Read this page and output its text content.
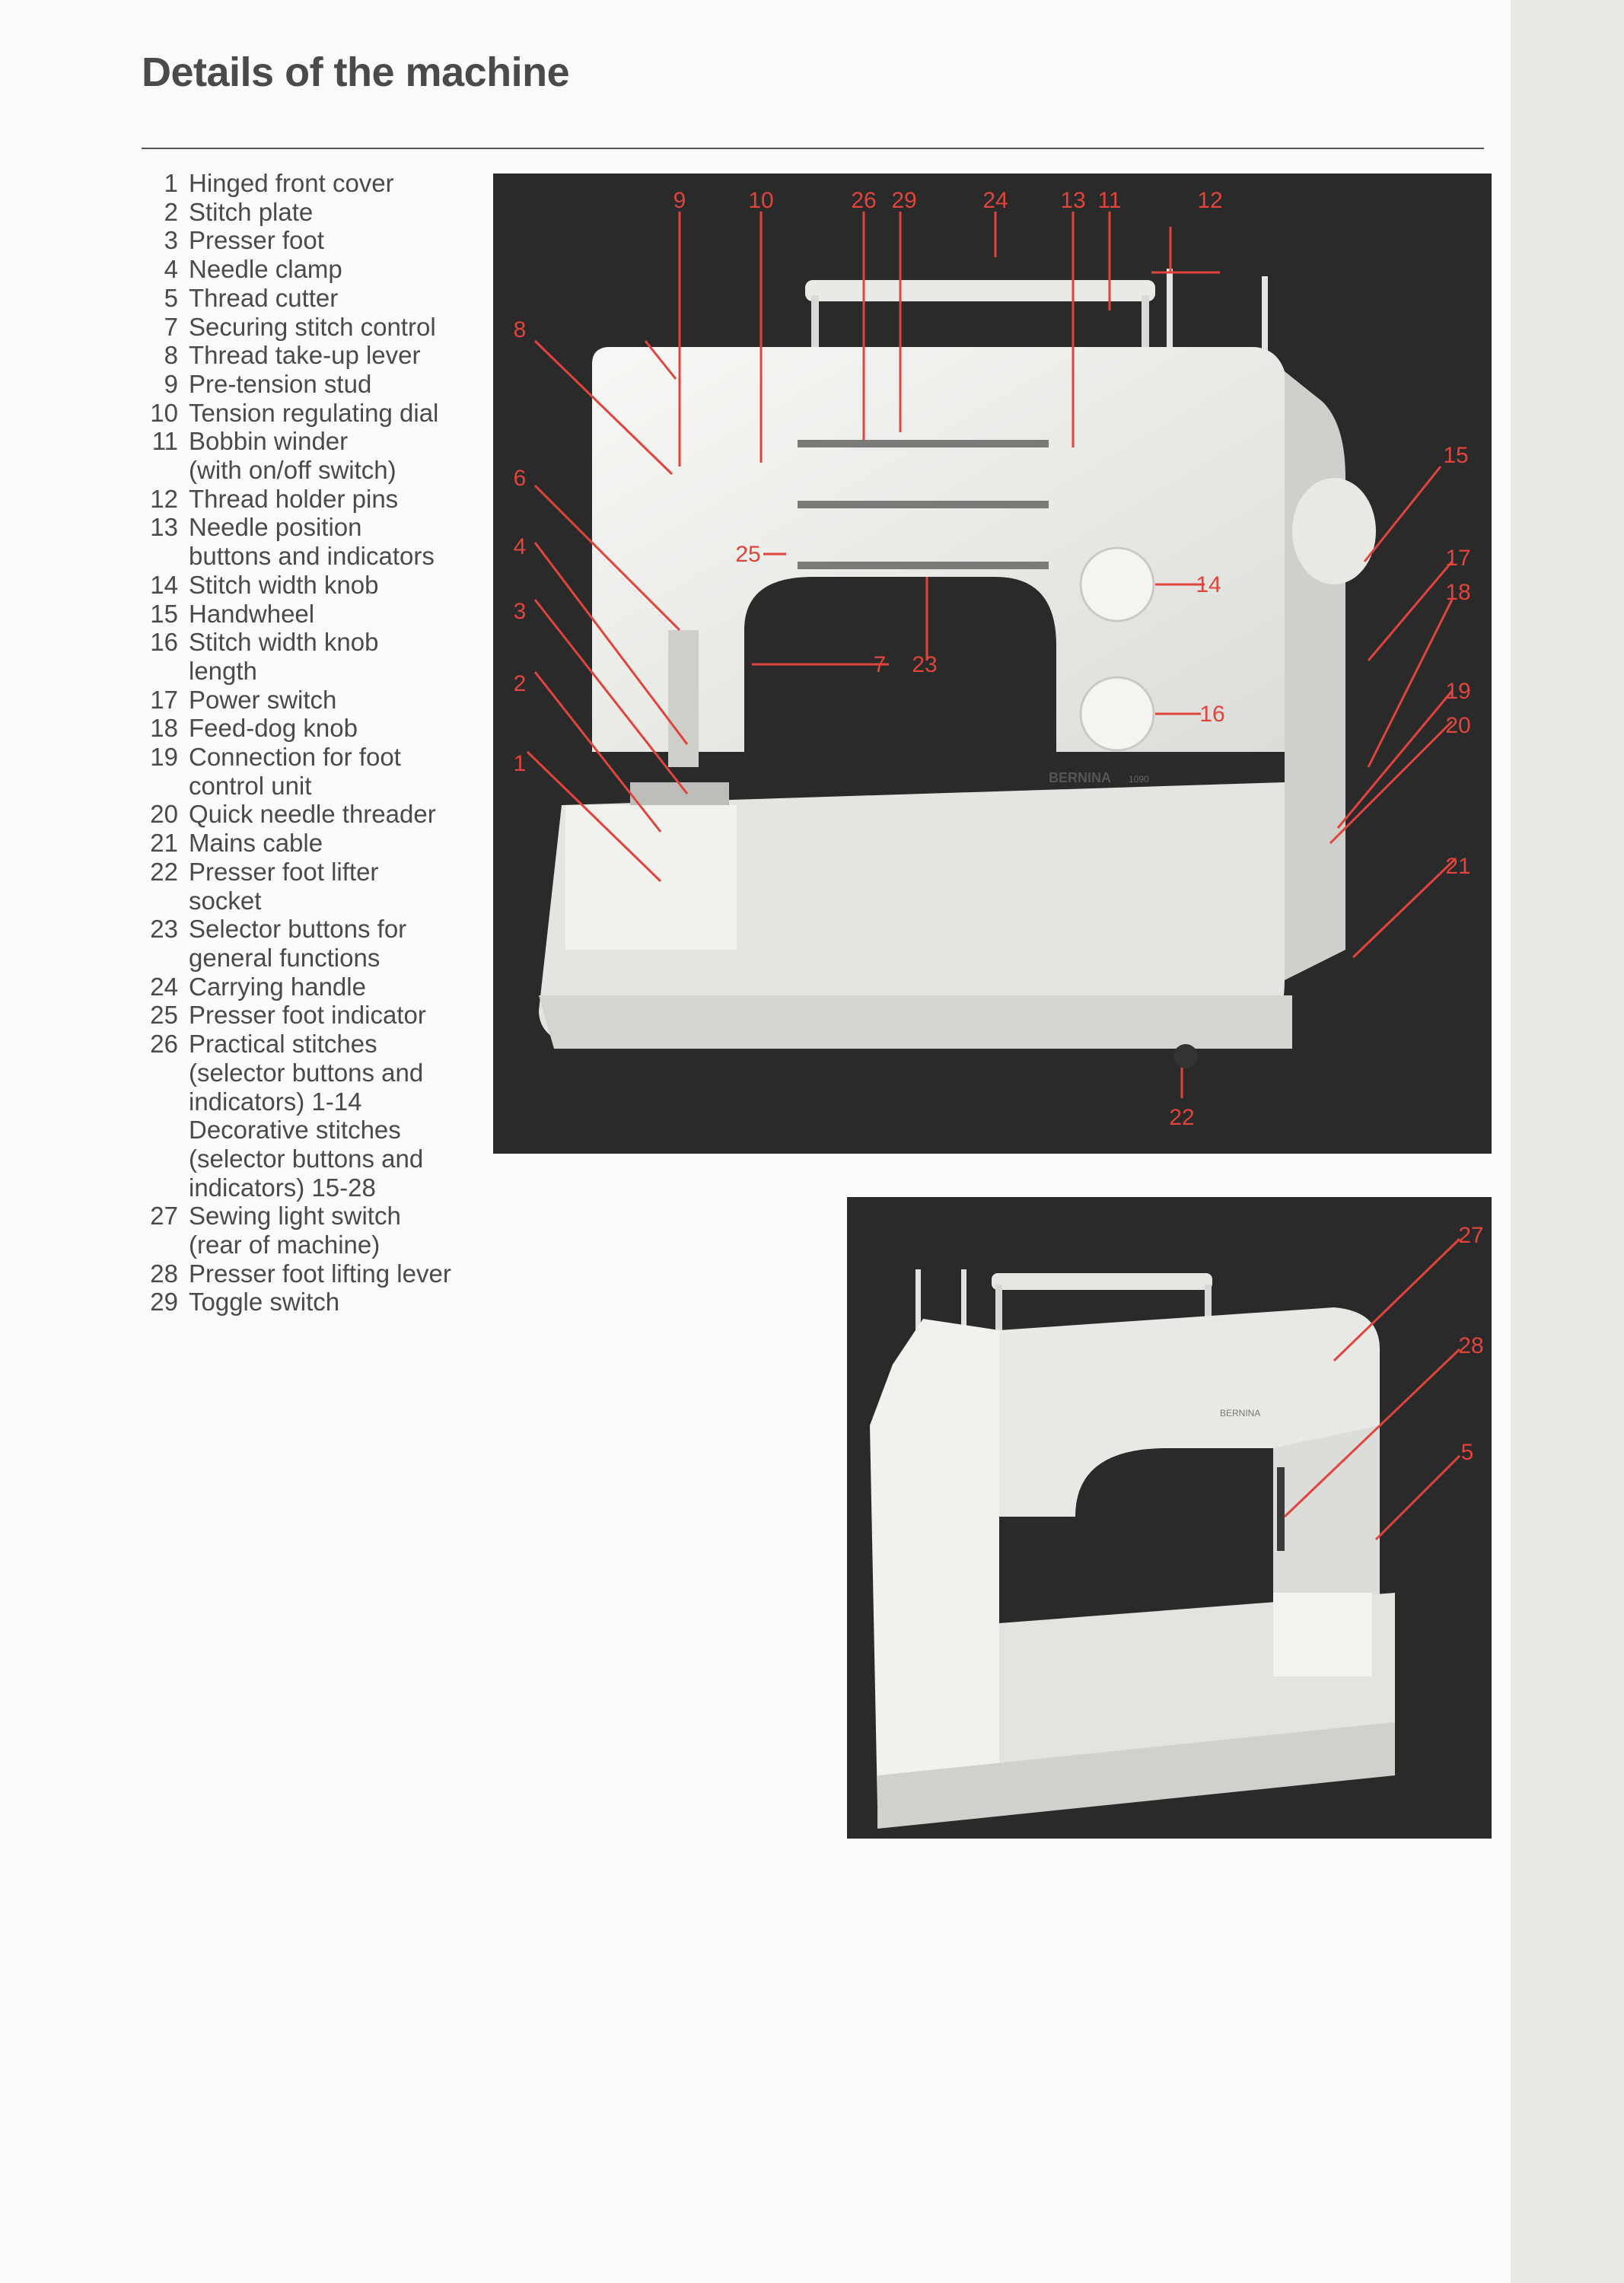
Details of the machine
1 Hinged front cover
2 Stitch plate
3 Presser foot
4 Needle clamp
5 Thread cutter
7 Securing stitch control
8 Thread take-up lever
9 Pre-tension stud
10 Tension regulating dial
11 Bobbin winder
(with on/off switch)
12 Thread holder pins
13 Needle position
buttons and indicators
14 Stitch width knob
15 Handwheel
16 Stitch width knob
length
17 Power switch
18 Feed-dog knob
19 Connection for foot
control unit
20 Quick needle threader
21 Mains cable
22 Presser foot lifter
socket
23 Selector buttons for
general functions
24 Carrying handle
25 Presser foot indicator
26 Practical stitches
(selector buttons and
indicators) 1-14
Decorative stitches
(selector buttons and
indicators) 15-28
27 Sewing light switch
(rear of machine)
28 Presser foot lifting lever
29 Toggle switch
BERNINA 1090
9	10	26 29	24 13 11	12
8
15
6
25
14
4	17
18
3
7 23
16
2	19
20
1
21
22
BERNINA
27
28
5
